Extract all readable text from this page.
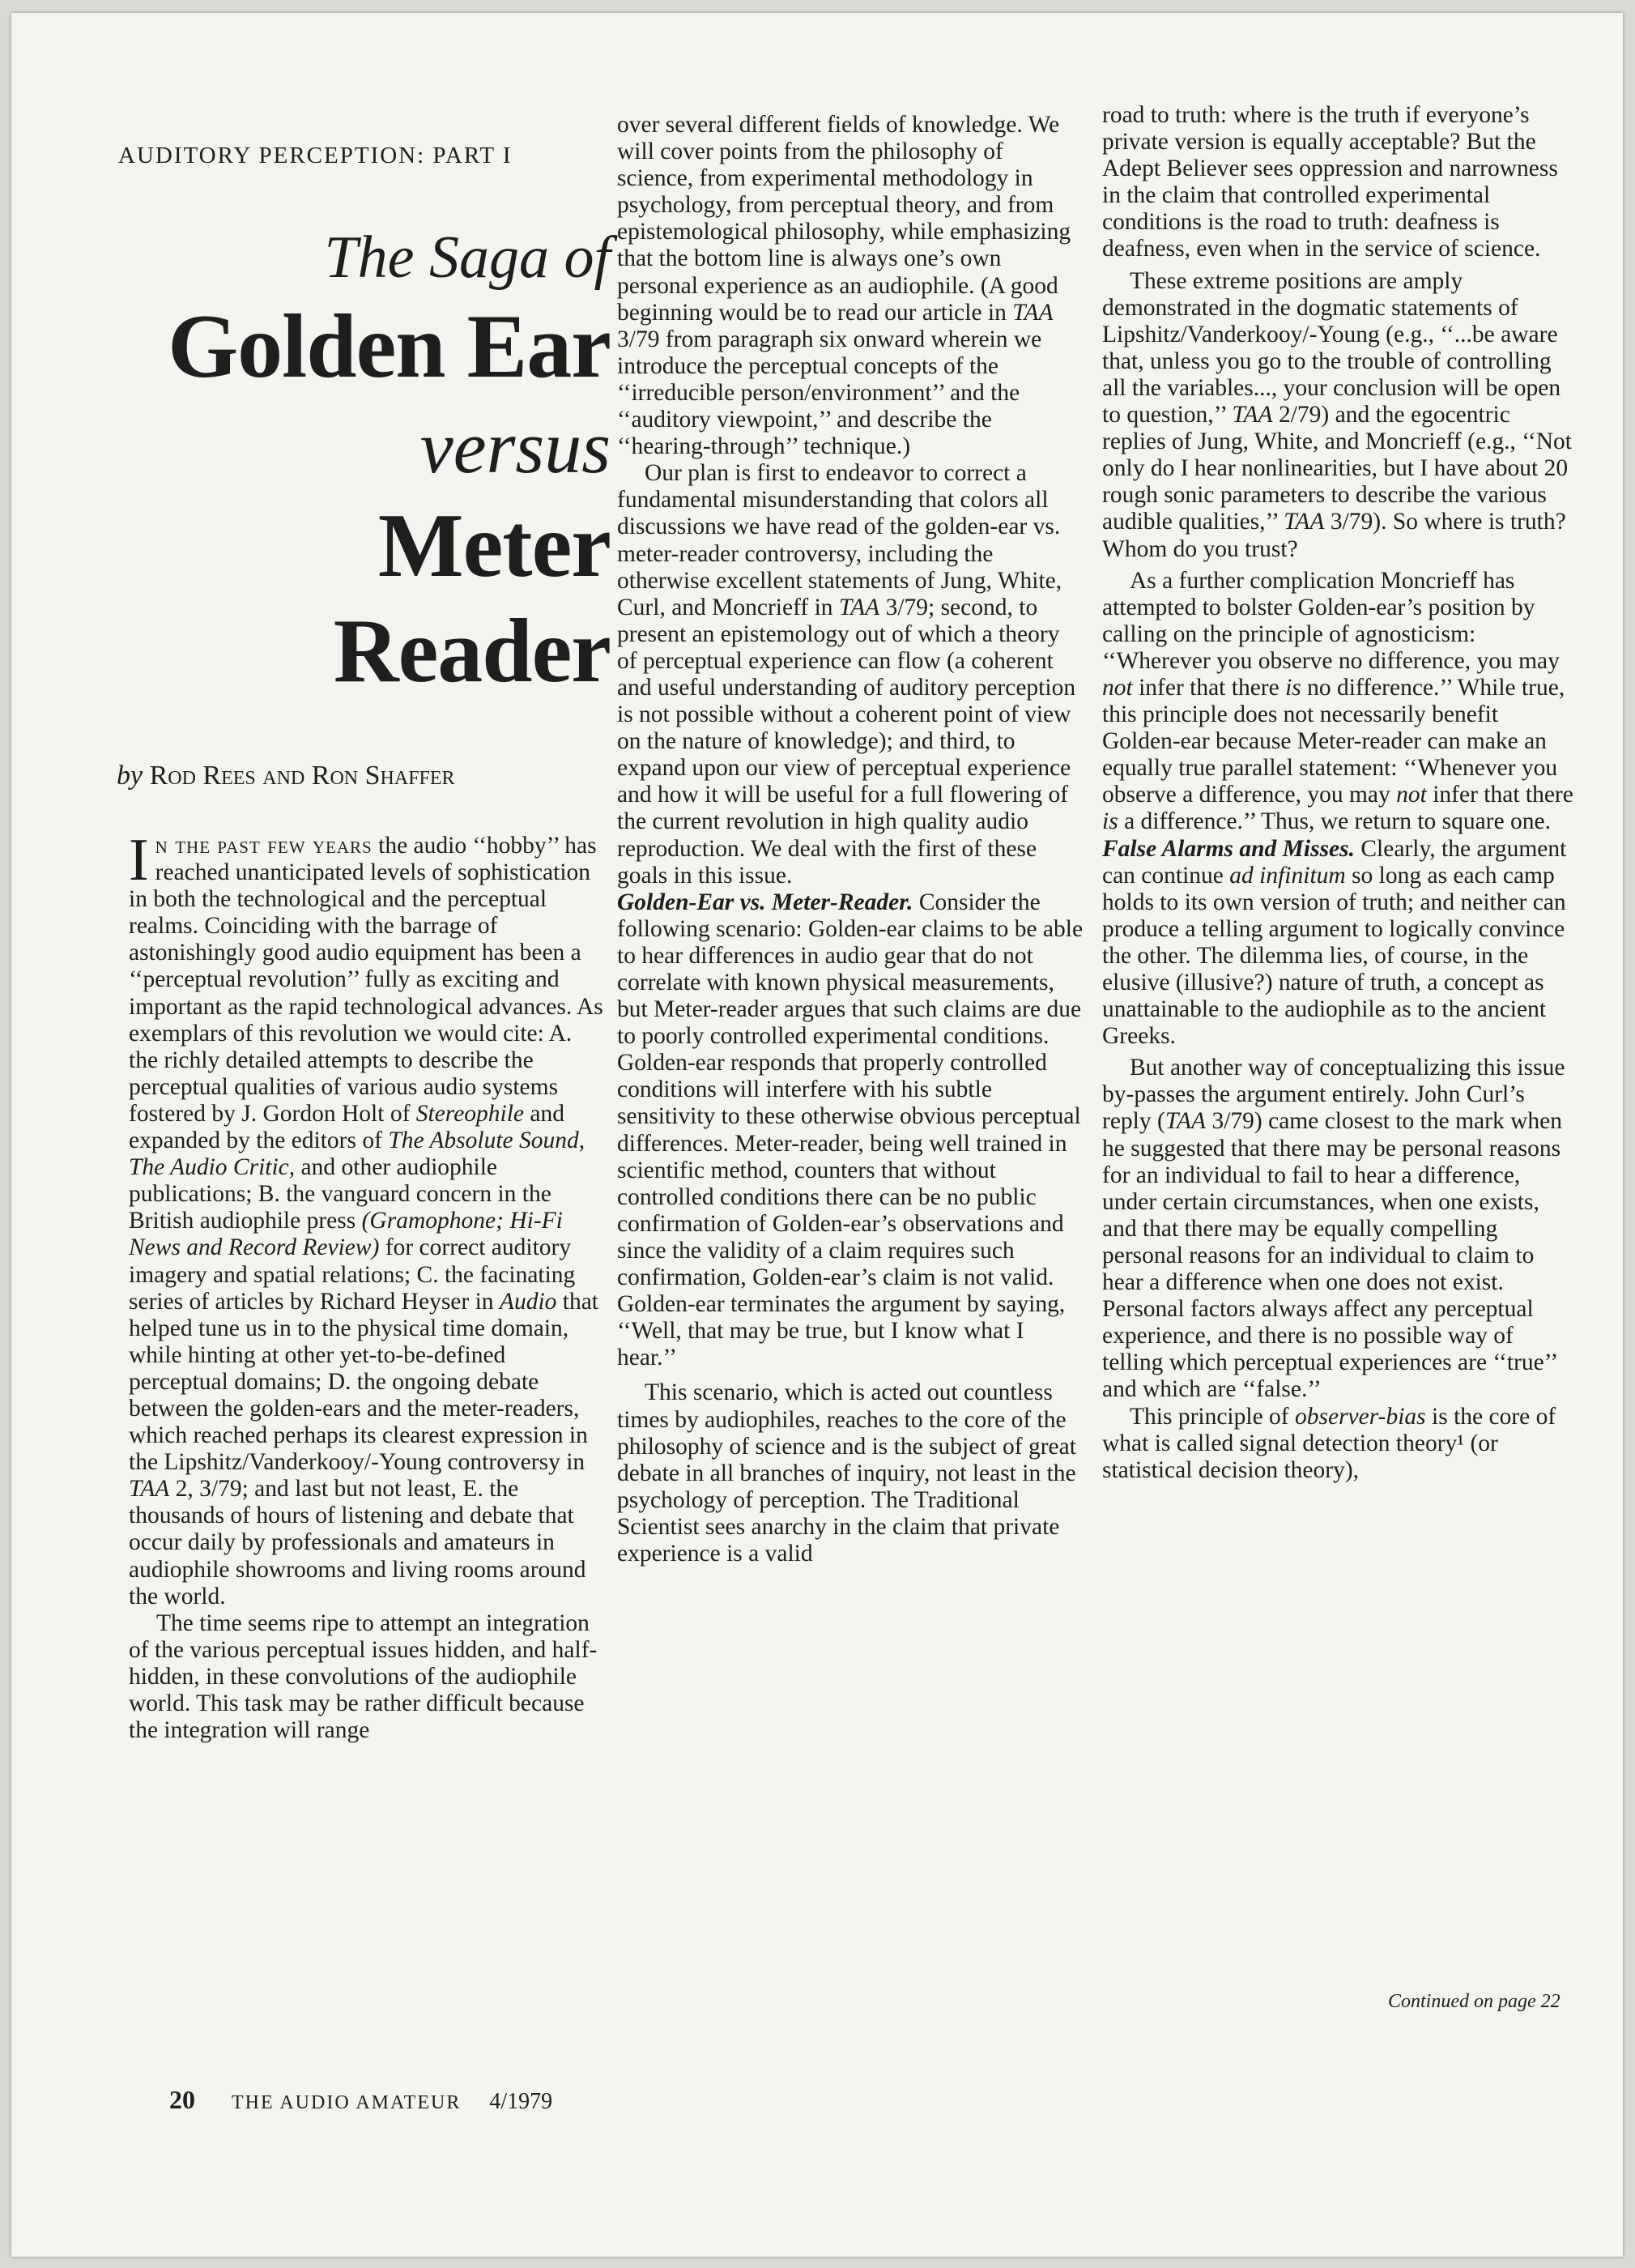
AUDITORY PERCEPTION: PART I
The Saga of
Golden Ear
versus
Meter
Reader
by Rod Rees and Ron Shaffer

In the past few years the audio ‘‘hobby’’ has reached unanticipated levels of sophistication in both the technological and the perceptual realms. Coinciding with the barrage of astonishingly good audio equipment has been a ‘‘perceptual revolution’’ fully as exciting and important as the rapid technological advances. As exemplars of this revolution we would cite: A. the richly detailed attempts to describe the perceptual qualities of various audio systems fostered by J. Gordon Holt of Stereophile and expanded by the editors of The Absolute Sound, The Audio Critic, and other audiophile publications; B. the vanguard concern in the British audiophile press (Gramophone; Hi-Fi News and Record Review) for correct auditory imagery and spatial relations; C. the facinating series of articles by Richard Heyser in Audio that helped tune us in to the physical time domain, while hinting at other yet-to-be-defined perceptual domains; D. the ongoing debate between the golden-ears and the meter-readers, which reached perhaps its clearest expression in the Lipshitz/Vanderkooy/-Young controversy in TAA 2, 3/79; and last but not least, E. the thousands of hours of listening and debate that occur daily by professionals and amateurs in audiophile showrooms and living rooms around the world.

The time seems ripe to attempt an integration of the various perceptual issues hidden, and half-hidden, in these convolutions of the audiophile world. This task may be rather difficult because the integration will range

over several different fields of knowledge. We will cover points from the philosophy of science, from experimental methodology in psychology, from perceptual theory, and from epistemological philosophy, while emphasizing that the bottom line is always one’s own personal experience as an audiophile. (A good beginning would be to read our article in TAA 3/79 from paragraph six onward wherein we introduce the perceptual concepts of the ‘‘irreducible person/environment’’ and the ‘‘auditory viewpoint,’’ and describe the ‘‘hearing-through’’ technique.)

Our plan is first to endeavor to correct a fundamental misunderstanding that colors all discussions we have read of the golden-ear vs. meter-reader controversy, including the otherwise excellent statements of Jung, White, Curl, and Moncrieff in TAA 3/79; second, to present an epistemology out of which a theory of perceptual experience can flow (a coherent and useful understanding of auditory perception is not possible without a coherent point of view on the nature of knowledge); and third, to expand upon our view of perceptual experience and how it will be useful for a full flowering of the current revolution in high quality audio reproduction. We deal with the first of these goals in this issue.

Golden-Ear vs. Meter-Reader. Consider the following scenario: Golden-ear claims to be able to hear differences in audio gear that do not correlate with known physical measurements, but Meter-reader argues that such claims are due to poorly controlled experimental conditions. Golden-ear responds that properly controlled conditions will interfere with his subtle sensitivity to these otherwise obvious perceptual differences. Meter-reader, being well trained in scientific method, counters that without controlled conditions there can be no public confirmation of Golden-ear’s observations and since the validity of a claim requires such confirmation, Golden-ear’s claim is not valid. Golden-ear terminates the argument by saying, ‘‘Well, that may be true, but I know what I hear.’’

This scenario, which is acted out countless times by audiophiles, reaches to the core of the philosophy of science and is the subject of great debate in all branches of inquiry, not least in the psychology of perception. The Traditional Scientist sees anarchy in the claim that private experience is a valid

road to truth: where is the truth if everyone’s private version is equally acceptable? But the Adept Believer sees oppression and narrowness in the claim that controlled experimental conditions is the road to truth: deafness is deafness, even when in the service of science.

These extreme positions are amply demonstrated in the dogmatic statements of Lipshitz/Vanderkooy/-Young (e.g., ‘‘...be aware that, unless you go to the trouble of controlling all the variables..., your conclusion will be open to question,’’ TAA 2/79) and the egocentric replies of Jung, White, and Moncrieff (e.g., ‘‘Not only do I hear nonlinearities, but I have about 20 rough sonic parameters to describe the various audible qualities,’’ TAA 3/79). So where is truth? Whom do you trust?

As a further complication Moncrieff has attempted to bolster Golden-ear’s position by calling on the principle of agnosticism: ‘‘Wherever you observe no difference, you may not infer that there is no difference.’’ While true, this principle does not necessarily benefit Golden-ear because Meter-reader can make an equally true parallel statement: ‘‘Whenever you observe a difference, you may not infer that there is a difference.’’ Thus, we return to square one.

False Alarms and Misses. Clearly, the argument can continue ad infinitum so long as each camp holds to its own version of truth; and neither can produce a telling argument to logically convince the other. The dilemma lies, of course, in the elusive (illusive?) nature of truth, a concept as unattainable to the audiophile as to the ancient Greeks.

But another way of conceptualizing this issue by-passes the argument entirely. John Curl’s reply (TAA 3/79) came closest to the mark when he suggested that there may be personal reasons for an individual to fail to hear a difference, under certain circumstances, when one exists, and that there may be equally compelling personal reasons for an individual to claim to hear a difference when one does not exist. Personal factors always affect any perceptual experience, and there is no possible way of telling which perceptual experiences are ‘‘true’’ and which are ‘‘false.’’

This principle of observer-bias is the core of what is called signal detection theory¹ (or statistical decision theory),

Continued on page 22
20 THE AUDIO AMATEUR 4/1979
